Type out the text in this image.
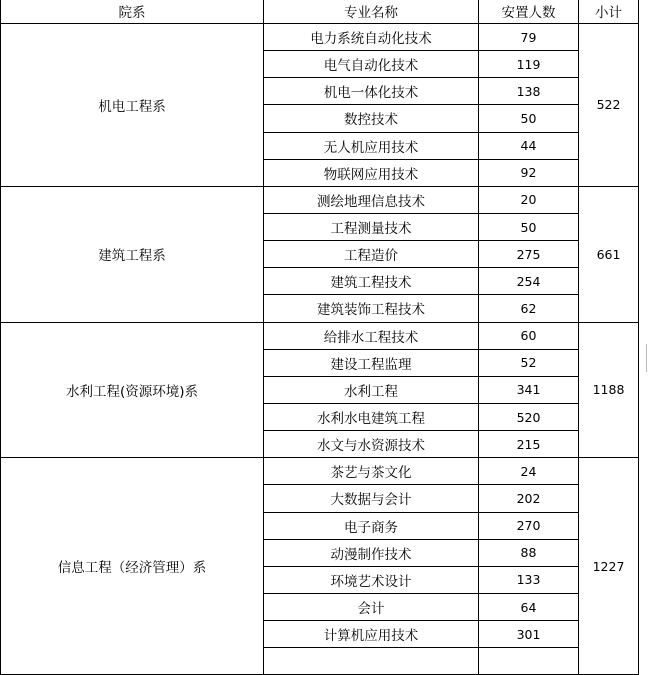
院系	专业名称	安置人数	小计
机电工程系	电力系统自动化技术	79	522
	电气自动化技术	119	
	机电一体化技术	138	
	数控技术	50	
	无人机应用技术	44	
	物联网应用技术	92	
建筑工程系	测绘地理信息技术	20	661
	工程测量技术	50	
	工程造价	275	
	建筑工程技术	254	
	建筑装饰工程技术	62	
水利工程(资源环境)系	给排水工程技术	60	1188
	建设工程监理	52	
	水利工程	341	
	水利水电建筑工程	520	
	水文与水资源技术	215	
信息工程（经济管理）系	茶艺与茶文化	24	1227
	大数据与会计	202	
	电子商务	270	
	动漫制作技术	88	
	环境艺术设计	133	
	会计	64	
	计算机应用技术	301	
